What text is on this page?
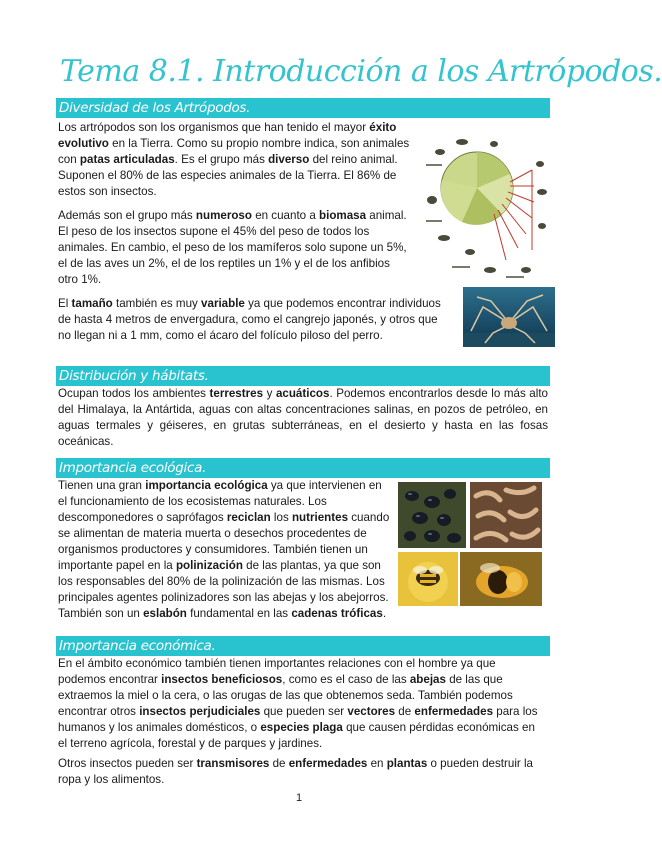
Tema 8.1. Introducción a los Artrópodos.
Diversidad de los Artrópodos.

Los artrópodos son los organismos que han tenido el mayor éxito evolutivo en la Tierra. Como su propio nombre indica, son animales con patas articuladas. Es el grupo más diverso del reino animal. Suponen el 80% de las especies animales de la Tierra. El 86% de estos son insectos.

Además son el grupo más numeroso en cuanto a biomasa animal. El peso de los insectos supone el 45% del peso de todos los animales. En cambio, el peso de los mamíferos solo supone un 5%, el de las aves un 2%, el de los reptiles un 1% y el de los anfibios otro 1%.

El tamaño también es muy variable ya que podemos encontrar individuos de hasta 4 metros de envergadura, como el cangrejo japonés, y otros que no llegan ni a 1 mm, como el ácaro del folículo piloso del perro.

Distribución y hábitats.

Ocupan todos los ambientes terrestres y acuáticos. Podemos encontrarlos desde lo más alto del Himalaya, la Antártida, aguas con altas concentraciones salinas, en pozos de petróleo, en aguas termales y géiseres, en grutas subterráneas, en el desierto y hasta en las fosas oceánicas.

Importancia ecológica.

Tienen una gran importancia ecológica ya que intervienen en el funcionamiento de los ecosistemas naturales. Los descomponedores o saprófagos reciclan los nutrientes cuando se alimentan de materia muerta o desechos procedentes de organismos productores y consumidores. También tienen un importante papel en la polinización de las plantas, ya que son los responsables del 80% de la polinización de las mismas. Los principales agentes polinizadores son las abejas y los abejorros.

También son un eslabón fundamental en las cadenas tróficas.

Importancia económica.

En el ámbito económico también tienen importantes relaciones con el hombre ya que podemos encontrar insectos beneficiosos, como es el caso de las abejas de las que extraemos la miel o la cera, o las orugas de las que obtenemos seda. También podemos encontrar otros insectos perjudiciales que pueden ser vectores de enfermedades para los humanos y los animales domésticos, o especies plaga que causen pérdidas económicas en el terreno agrícola, forestal y de parques y jardines.

Otros insectos pueden ser transmisores de enfermedades en plantas o pueden destruir la ropa y los alimentos.

1
